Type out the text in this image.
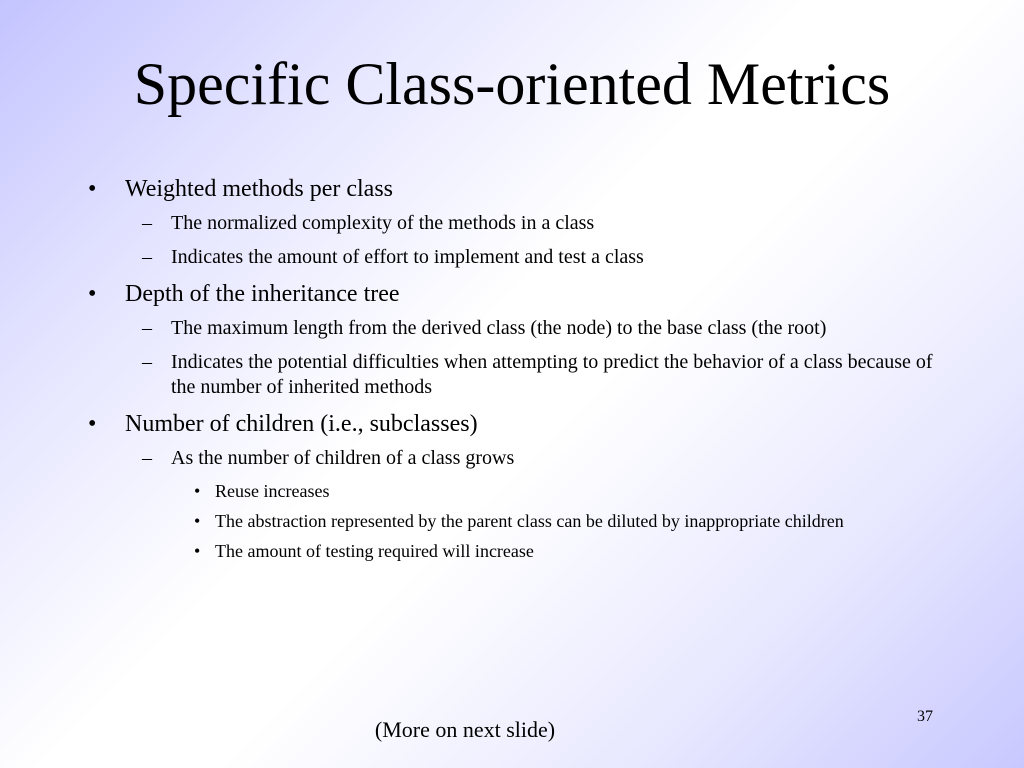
Specific Class-oriented Metrics
• Weighted methods per class
– The normalized complexity of the methods in a class
– Indicates the amount of effort to implement and test a class
• Depth of the inheritance tree
– The maximum length from the derived class (the node) to the base class (the root)
– Indicates the potential difficulties when attempting to predict the behavior of a class because of the number of inherited methods
• Number of children (i.e., subclasses)
– As the number of children of a class grows
• Reuse increases
• The abstraction represented by the parent class can be diluted by inappropriate children
• The amount of testing required will increase
37
(More on next slide)
